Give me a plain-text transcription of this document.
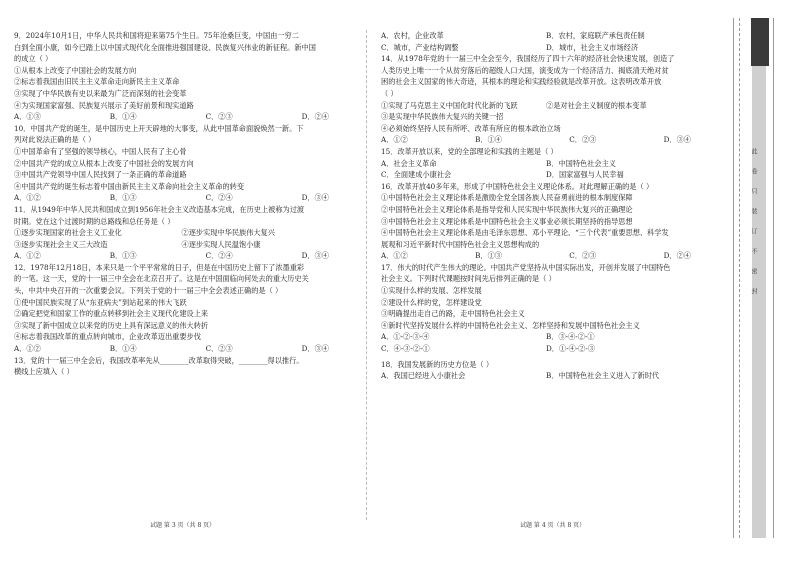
9．2024年10月1日，中华人民共和国将迎来第75个生日。75年沧桑巨变，中国由一穷二

白到全面小康，如今已踏上以中国式现代化全面推进强国建设、民族复兴伟业的新征程。新中国

的成立（ ）

①从根本上改变了中国社会的发展方向

②标志着我国由旧民主主义革命走向新民主主义革命

③实现了中华民族有史以来最为广泛而深刻的社会变革

④为实现国家富强、民族复兴展示了美好前景和现实道路

A．①③	B．①④	C．②③	D．②④

10．中国共产党的诞生，是中国历史上开天辟地的大事变，从此中国革命面貌焕然一新。下

列对此说法正确的是（ ）

①中国革命有了坚强的领导核心，中国人民有了主心骨

②中国共产党的成立从根本上改变了中国社会的发展方向

③中国共产党领导中国人民找到了一条正确的革命道路

④中国共产党的诞生标志着中国由新民主主义革命向社会主义革命的转变

A．①②	B．①③	C．②④	D．③④

11．从1949年中华人民共和国成立到1956年社会主义改造基本完成，在历史上被称为过渡

时期。党在这个过渡时期的总路线和总任务是（ ）

①逐步实现国家的社会主义工业化	②逐步实现中华民族伟大复兴

③逐步实现社会主义三大改造	④逐步实现人民温饱小康

A．①②	B．①③	C．②④	D．③④

12．1978年12月18日，本来只是一个平平常常的日子，但是在中国历史上留下了浓墨重彩

的一笔。这一天，党的十一届三中全会在北京召开了。这是在中国面临向何处去的重大历史关

头，中共中央召开的一次重要会议。下列关于党的十一届三中全会表述正确的是（ ）

①使中国民族实现了从“东亚病夫”到站起来的伟大飞跃

②确定把党和国家工作的重点转移到社会主义现代化建设上来

③实现了新中国成立以来党的历史上具有深远意义的伟大转折

④标志着我国改革的重点转向城市，企业改革迈出重要步伐

A．①②	B．①④	C．②③	D．③④

13．党的十一届三中全会后，我国改革率先从________改革取得突破，________得以推行。

横线上应填入（ ）

A．农村，企业改革	B．农村，家庭联产承包责任制

C．城市，产业结构调整	D．城市，社会主义市场经济

14．从1978年党的十一届三中全会至今，我国经历了四十六年的经济社会快速发展，创造了

人类历史上唯一一个从贫穷落后的超级人口大国，演变成为一个经济活力、揭底清天绝对贫

困的社会主义国家的伟大奇迹，其根本的理论和实践经验就是改革开放。这表明改革开放

（ ）

①实现了马克思主义中国化时代化新的飞跃	②是对社会主义制度的根本变革

③是实现中华民族伟大复兴的关键一招

④必须始终坚持人民有所呼、改革有所应的根本政治立场

A．①②	B．①④	C．②③	D．③④

15．改革开放以来，党的全部理论和实践的主题是（ ）

A．社会主义革命	B．中国特色社会主义

C．全面建成小康社会	D．国家富强与人民幸福

16．改革开放40多年来，形成了中国特色社会主义理论体系。对此理解正确的是（ ）

①中国特色社会主义理论体系是激励全党全国各族人民奋勇前进的根本制度保障

②中国特色社会主义理论体系是指导党和人民实现中华民族伟大复兴的正确理论

③中国特色社会主义理论体系是中国特色社会主义事业必须长期坚持的指导思想

④中国特色社会主义理论体系是由毛泽东思想、邓小平理论、“三个代表”重要思想、科学发

展观和习近平新时代中国特色社会主义思想构成的

A．①②	B．①③	C．②③	D．②④

17．伟大的时代产生伟大的理论。中国共产党坚持从中国实际出发，开创并发展了中国特色

社会主义。下列时代课题按时间先后排列正确的是（ ）

①实现什么样的发展、怎样发展

②建设什么样的党，怎样建设党

③明确提出走自己的路，走中国特色社会主义

④新时代坚持发展什么样的中国特色社会主义、怎样坚持和发展中国特色社会主义

A．①-②-③-④	B．③-④-②-①

C．④-③-②-①	D．①-④-②-③

18．我国发展新的历史方位是（ ）

A．我国已经进入小康社会	B．中国特色社会主义进入了新时代

试题 第 3 页（共 8 页）	试题 第 4 页（共 8 页）
此卷只装订不密封
